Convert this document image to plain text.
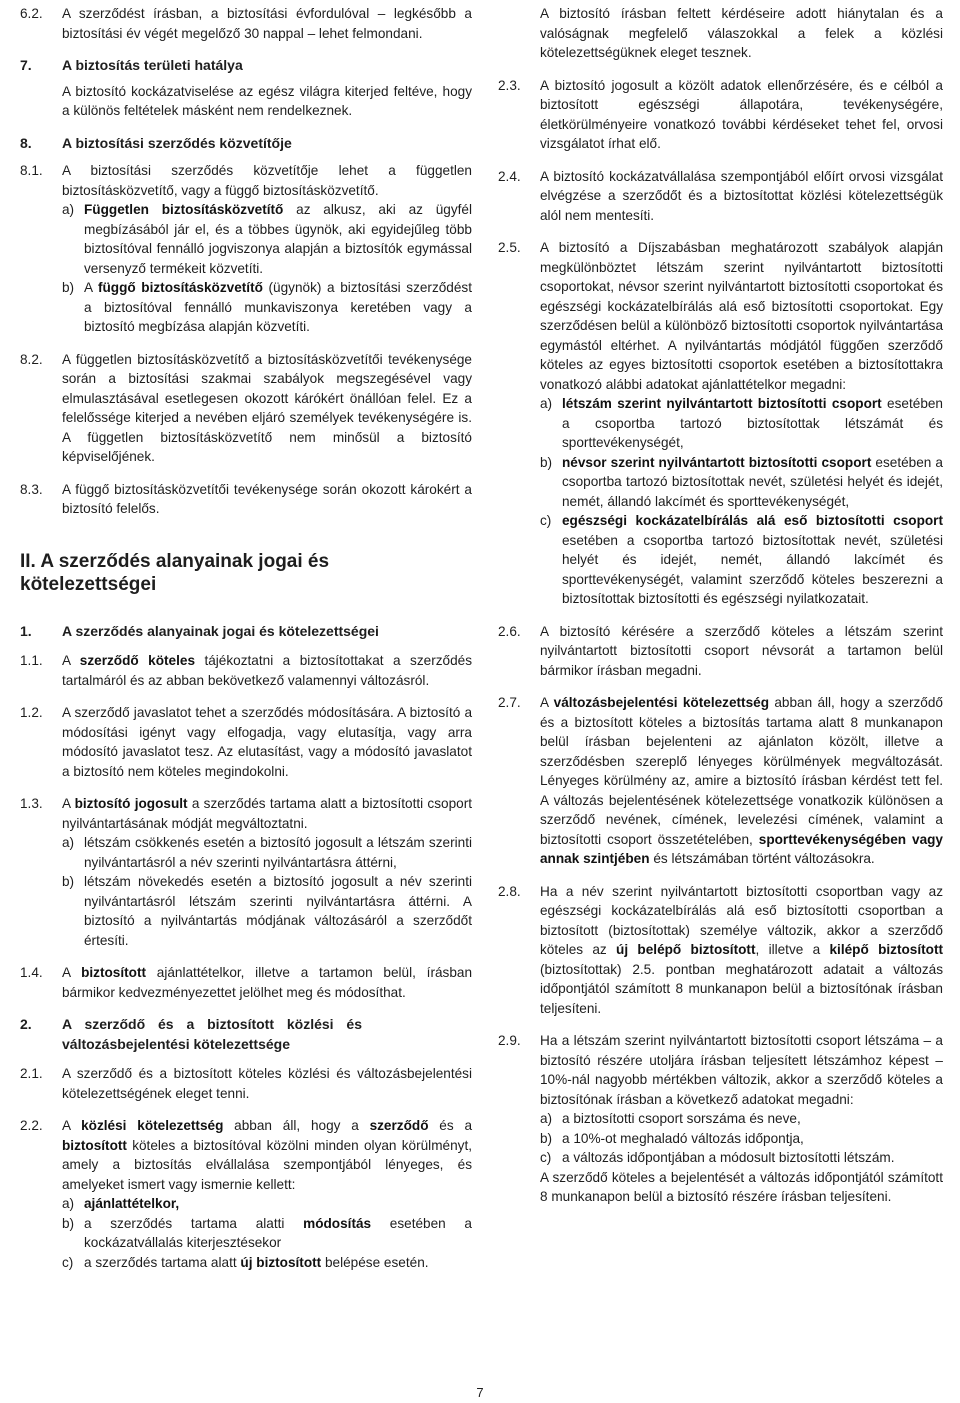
6.2. A szerződést írásban, a biztosítási évfordulóval – legkésőbb a biztosítási év végét megelőző 30 nappal – lehet felmondani.
7. A biztosítás területi hatálya
A biztosító kockázatviselése az egész világra kiterjed feltéve, hogy a különös feltételek másként nem rendelkeznek.
8. A biztosítási szerződés közvetítője
8.1. A biztosítási szerződés közvetítője lehet a független biztosításközvetítő, vagy a függő biztosításközvetítő.
a) Független biztosításközvetítő az alkusz, aki az ügyfél megbízásából jár el, és a többes ügynök, aki egyidejűleg több biztosítóval fennálló jogviszonya alapján a biztosítók egymással versenyző termékeit közvetíti.
b) A függő biztosításközvetítő (ügynök) a biztosítási szerződést a biztosítóval fennálló munkaviszonya keretében vagy a biztosító megbízása alapján közvetíti.
8.2. A független biztosításközvetítő a biztosításközvetítői tevékenysége során a biztosítási szakmai szabályok megszegésével vagy elmulasztásával esetlegesen okozott kárókért önállóan felel. Ez a felelőssége kiterjed a nevében eljáró személyek tevékenységére is. A független biztosításközvetítő nem minősül a biztosító képviselőjének.
8.3. A függő biztosításközvetítői tevékenysége során okozott károkért a biztosító felelős.
II. A szerződés alanyainak jogai és kötelezettségei
1. A szerződés alanyainak jogai és kötelezettségei
1.1. A szerződő köteles tájékoztatni a biztosítottakat a szerződés tartalmáról és az abban bekövetkező valamennyi változásról.
1.2. A szerződő javaslatot tehet a szerződés módosítására. A biztosító a módosítási igényt vagy elfogadja, vagy elutasítja, vagy arra módosító javaslatot tesz. Az elutasítást, vagy a módosító javaslatot a biztosító nem köteles megindokolni.
1.3. A biztosító jogosult a szerződés tartama alatt a biztosítotti csoport nyilvántartásának módját megváltoztatni.
a) létszám csökkenés esetén a biztosító jogosult a létszám szerinti nyilvántartásról a név szerinti nyilvántartásra áttérni,
b) létszám növekedés esetén a biztosító jogosult a név szerinti nyilvántartásról létszám szerinti nyilvántartásra áttérni. A biztosító a nyilvántartás módjának változásáról a szerződőt értesíti.
1.4. A biztosított ajánlattételkor, illetve a tartamon belül, írásban bármikor kedvezményezettet jelölhet meg és módosíthat.
2. A szerződő és a biztosított közlési és változásbejelentési kötelezettsége
2.1. A szerződő és a biztosított köteles közlési és változásbejelentési kötelezettségének eleget tenni.
2.2. A közlési kötelezettség abban áll, hogy a szerződő és a biztosított köteles a biztosítóval közölni minden olyan körülményt, amely a biztosítás elvállalása szempontjából lényeges, és amelyeket ismert vagy ismernie kellett:
a) ajánlattételkor,
b) a szerződés tartama alatti módosítás esetében a kockázatvállalás kiterjesztésekor
c) a szerződés tartama alatt új biztosított belépése esetén.
A biztosító írásban feltett kérdéseire adott hiánytalan és a valóságnak megfelelő válaszokkal a felek a közlési kötelezettségüknek eleget tesznek.
2.3. A biztosító jogosult a közölt adatok ellenőrzésére, és e célból a biztosított egészségi állapotára, tevékenységére, életkörülményeire vonatkozó további kérdéseket tehet fel, orvosi vizsgálatot írhat elő.
2.4. A biztosító kockázatvállalása szempontjából előírt orvosi vizsgálat elvégzése a szerződőt és a biztosítottat közlési kötelezettségük alól nem mentesíti.
2.5. A biztosító a Díjszabásban meghatározott szabályok alapján megkülönböztet létszám szerint nyilvántartott biztosítotti csoportokat, névsor szerint nyilvántartott biztosítotti csoportokat és egészségi kockázatelbírálás alá eső biztosítotti csoportokat. Egy szerződésen belül a különböző biztosítotti csoportok nyilvántartása egymástól eltérhet. A nyilvántartás módjától függően szerződő köteles az egyes biztosítotti csoportok esetében a biztosítottakra vonatkozó alábbi adatokat ajánlattételkor megadni:
a) létszám szerint nyilvántartott biztosítotti csoport esetében a csoportba tartozó biztosítottak létszámát és sporttevékenységét,
b) névsor szerint nyilvántartott biztosítotti csoport esetében a csoportba tartozó biztosítottak nevét, születési helyét és idejét, nemét, állandó lakcímét és sporttevékenységét,
c) egészségi kockázatelbírálás alá eső biztosítotti csoport esetében a csoportba tartozó biztosítottak nevét, születési helyét és idejét, nemét, állandó lakcímét és sporttevékenységét, valamint szerződő köteles beszerezni a biztosítottak biztosítotti és egészségi nyilatkozatait.
2.6. A biztosító kérésére a szerződő köteles a létszám szerint nyilvántartott biztosítotti csoport névsorát a tartamon belül bármikor írásban megadni.
2.7. A változásbejelentési kötelezettség abban áll, hogy a szerződő és a biztosított köteles a biztosítás tartama alatt 8 munkanapon belül írásban bejelenteni az ajánlaton közölt, illetve a szerződésben szereplő lényeges körülmények megváltozását. Lényeges körülmény az, amire a biztosító írásban kérdést tett fel. A változás bejelentésének kötelezettsége vonatkozik különösen a szerződő nevének, címének, levelezési címének, valamint a biztosítotti csoport összetételében, sporttevékenységében vagy annak szintjében és létszámában történt változásokra.
2.8. Ha a név szerint nyilvántartott biztosítotti csoportban vagy az egészségi kockázatelbírálás alá eső biztosítotti csoportban a biztosított (biztosítottak) személye változik, akkor a szerződő köteles az új belépő biztosított, illetve a kilépő biztosított (biztosítottak) 2.5. pontban meghatározott adatait a változás időpontjától számított 8 munkanapon belül a biztosítónak írásban teljesíteni.
2.9. Ha a létszám szerint nyilvántartott biztosítotti csoport létszáma – a biztosító részére utoljára írásban teljesített létszámhoz képest – 10%-nál nagyobb mértékben változik, akkor a szerződő köteles a biztosítónak írásban a következő adatokat megadni:
a) a biztosítotti csoport sorszáma és neve,
b) a 10%-ot meghaladó változás időpontja,
c) a változás időpontjában a módosult biztosítotti létszám.
A szerződő köteles a bejelentését a változás időpontjától számított 8 munkanapon belül a biztosító részére írásban teljesíteni.
7
